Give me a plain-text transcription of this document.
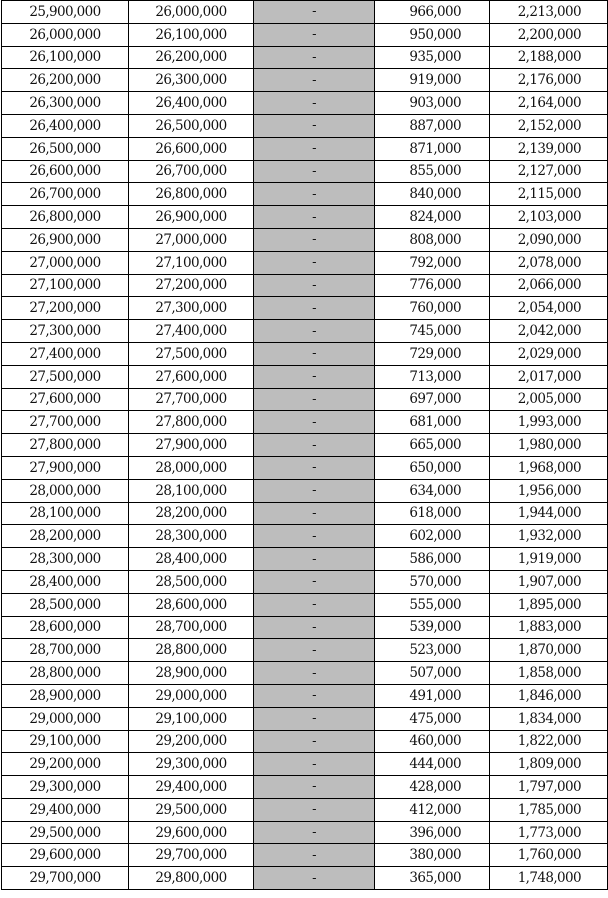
25,900,000	26,000,000	-	966,000	2,213,000
26,000,000	26,100,000	-	950,000	2,200,000
26,100,000	26,200,000	-	935,000	2,188,000
26,200,000	26,300,000	-	919,000	2,176,000
26,300,000	26,400,000	-	903,000	2,164,000
26,400,000	26,500,000	-	887,000	2,152,000
26,500,000	26,600,000	-	871,000	2,139,000
26,600,000	26,700,000	-	855,000	2,127,000
26,700,000	26,800,000	-	840,000	2,115,000
26,800,000	26,900,000	-	824,000	2,103,000
26,900,000	27,000,000	-	808,000	2,090,000
27,000,000	27,100,000	-	792,000	2,078,000
27,100,000	27,200,000	-	776,000	2,066,000
27,200,000	27,300,000	-	760,000	2,054,000
27,300,000	27,400,000	-	745,000	2,042,000
27,400,000	27,500,000	-	729,000	2,029,000
27,500,000	27,600,000	-	713,000	2,017,000
27,600,000	27,700,000	-	697,000	2,005,000
27,700,000	27,800,000	-	681,000	1,993,000
27,800,000	27,900,000	-	665,000	1,980,000
27,900,000	28,000,000	-	650,000	1,968,000
28,000,000	28,100,000	-	634,000	1,956,000
28,100,000	28,200,000	-	618,000	1,944,000
28,200,000	28,300,000	-	602,000	1,932,000
28,300,000	28,400,000	-	586,000	1,919,000
28,400,000	28,500,000	-	570,000	1,907,000
28,500,000	28,600,000	-	555,000	1,895,000
28,600,000	28,700,000	-	539,000	1,883,000
28,700,000	28,800,000	-	523,000	1,870,000
28,800,000	28,900,000	-	507,000	1,858,000
28,900,000	29,000,000	-	491,000	1,846,000
29,000,000	29,100,000	-	475,000	1,834,000
29,100,000	29,200,000	-	460,000	1,822,000
29,200,000	29,300,000	-	444,000	1,809,000
29,300,000	29,400,000	-	428,000	1,797,000
29,400,000	29,500,000	-	412,000	1,785,000
29,500,000	29,600,000	-	396,000	1,773,000
29,600,000	29,700,000	-	380,000	1,760,000
29,700,000	29,800,000	-	365,000	1,748,000
